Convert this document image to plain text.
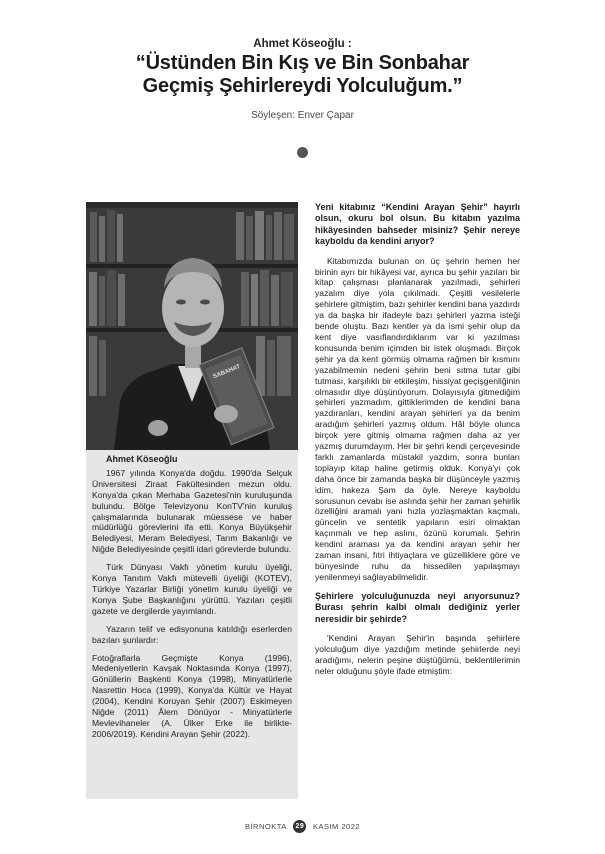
Ahmet Köseoğlu :
“Üstünden Bin Kış ve Bin Sonbahar
Geçmiş Şehirlereydi Yolculuğum.”
Söyleşen: Enver Çapar
SABAHAT
Ahmet Köseoğlu

1967 yılında Konya'da doğdu. 1990'da Selçuk Üniversitesi Ziraat Fakültesinden mezun oldu. Konya'da çıkan Merhaba Gazetesi'nin kuruluşunda bulundu. Bölge Televizyonu KonTV'nin kuruluş çalışmalarında bulunarak müessese ve haber müdürlüğü görevlerini ifa etti. Konya Büyükşehir Belediyesi, Meram Belediyesi, Tarım Bakanlığı ve Niğde Belediyesinde çeşitli idari görevlerde bulundu.

Türk Dünyası Vakfı yönetim kurulu üyeliği, Konya Tanıtım Vakfı mütevelli üyeliği (KOTEV), Türkiye Yazarlar Birliği yönetim kurulu üyeliği ve Konya Şube Başkanlığını yürüttü. Yazıları çeşitli gazete ve dergilerde yayımlandı.

Yazarın telif ve edisyonuna katıldığı eserlerden bazıları şunlardır:

Fotoğraflarla Geçmişte Konya (1996), Medeniyetlerin Kavşak Noktasında Konya (1997), Gönüllerin Başkenti Konya (1998), Minyatürlerle Nasrettin Hoca (1999), Konya'da Kültür ve Hayat (2004), Kendini Koruyan Şehir (2007) Eskimeyen Niğde (2011) Âlem Dönüyor - Minyatürlerle Mevlevihaneler (A. Ülker Erke ile birlikte-2006/2019). Kendini Arayan Şehir (2022).

Yeni kitabınız “Kendini Arayan Şehir” hayırlı olsun, okuru bol olsun. Bu kitabın yazılma hikâyesinden bahseder misiniz? Şehir nereye kayboldu da kendini arıyor?

Kitabımızda bulunan on üç şehrin hemen her birinin ayrı bir hikâyesi var, ayrıca bu şehir yazıları bir kitap çalışması planlanarak yazılmadı, şehirleri yazalım diye yola çıkılmadı. Çeşitli vesilelerle şehirlere gitmiştim, bazı şehirler kendini bana yazdırdı ya da başka bir ifadeyle bazı şehirleri yazma isteği bende oluştu. Bazı kentler ya da ismi şehir olup da kent diye vasıflandırdıklarım var ki yazılması konusunda benim içimden bir istek oluşmadı. Birçok şehir ya da kent görmüş olmama rağmen bir kısmını yazabilmemin nedeni şehrin beni sıtma tutar gibi tutması, karşılıklı bir etkileşim, hissiyat geçişgenliğinin olmasıdır diye düşünüyorum. Dolayısıyla gitmediğim şehirleri yazmadım, gittiklerimden de kendini bana yazdıranları, kendini arayan şehirleri ya da benim aradığım şehirleri yazmış oldum. Hâl böyle olunca birçok yere gitmiş olmama rağmen daha az yer yazmış durumdayım. Her bir şehri kendi çerçevesinde farklı zamanlarda müstakil yazdım, sonra bunları toplayıp kitap haline getirmiş olduk. Konya'yı çok daha önce bir zamanda başka bir düşünceyle yazmış idim, hakeza Şam da öyle. Nereye kayboldu sorusunun cevabı ise aslında şehir her zaman şehirlik özelliğini aramalı yani hızla yozlaşmaktan kaçmalı, güncelin ve sentetik yapıların esiri olmaktan kaçınmalı ve hep aslını, özünü korumalı. Şehrin kendini araması ya da kendini arayan şehir her zaman insani, fıtri ihtiyaçlara ve güzelliklere göre ve bünyesinde ruhu da hissedilen yapılaşmayı yenilenmeyi sağlayabilmelidir.

Şehirlere yolculuğunuzda neyi arıyorsunuz? Burası şehrin kalbi olmalı dediğiniz yerler neresidir bir şehirde?

'Kendini Arayan Şehir'in başında şehirlere yolculuğum diye yazdığım metinde şehirlerde neyi aradığımı, nelerin peşine düştüğümü, beklentilerimin neler olduğunu şöyle ifade etmiştim:

BİRNOKTA 29 KASIM 2022
